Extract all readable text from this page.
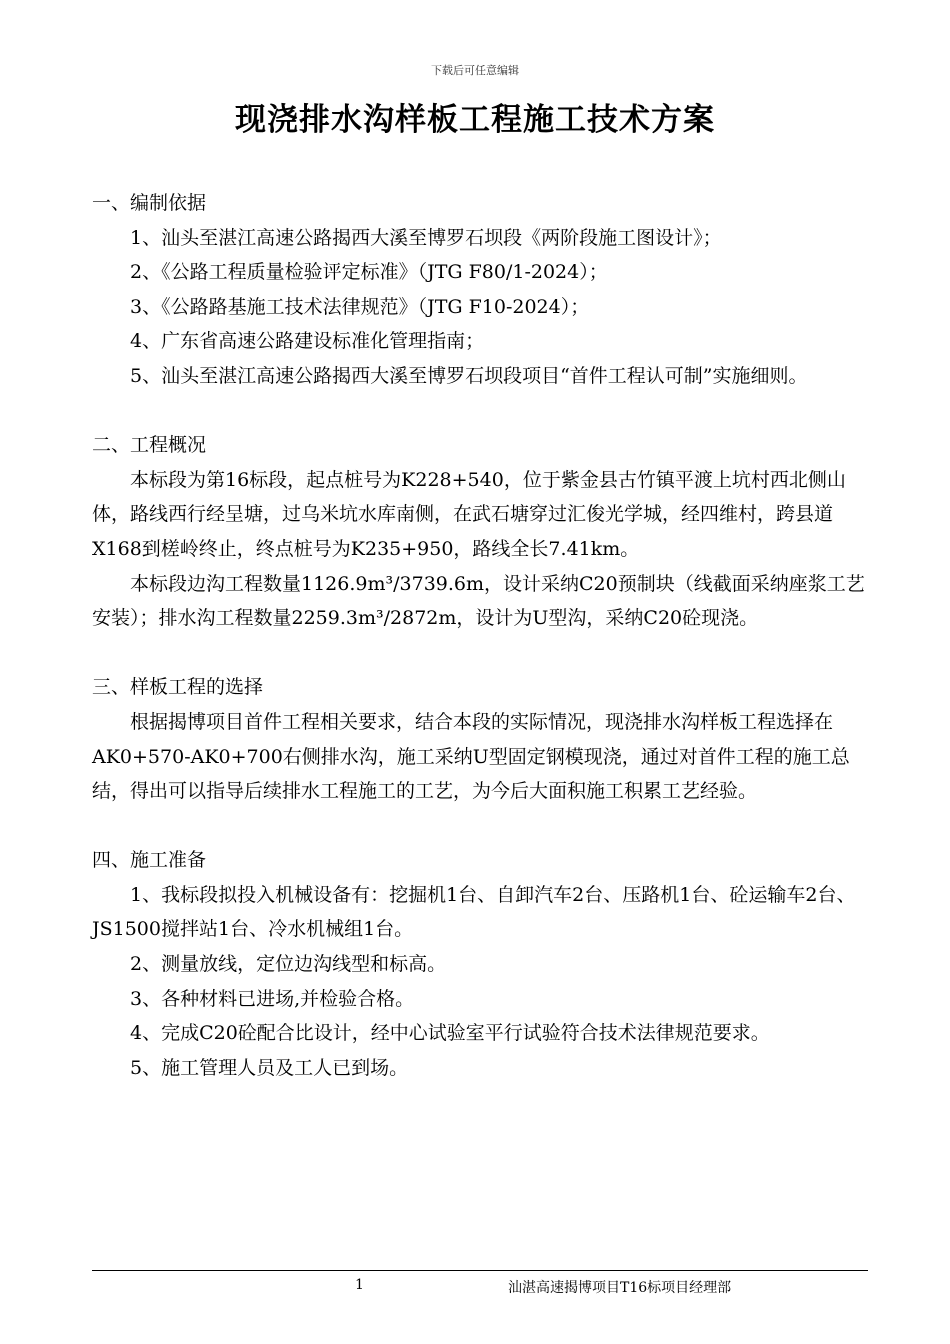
下载后可任意编辑
现浇排水沟样板工程施工技术方案

一、编制依据

1、汕头至湛江高速公路揭西大溪至博罗石坝段《两阶段施工图设计》；

2、《公路工程质量检验评定标准》（JTG F80/1-2024）；

3、《公路路基施工技术法律规范》（JTG F10-2024）；

4、广东省高速公路建设标准化管理指南；

5、汕头至湛江高速公路揭西大溪至博罗石坝段项目“首件工程认可制”实施细则。

二、工程概况

本标段为第16标段，起点桩号为K228+540，位于紫金县古竹镇平渡上坑村西北侧山体，路线西行经呈塘，过乌米坑水库南侧，在武石塘穿过汇俊光学城，经四维村，跨县道X168到槎岭终止，终点桩号为K235+950，路线全长7.41km。

本标段边沟工程数量1126.9m³/3739.6m，设计采纳C20预制块（线截面采纳座浆工艺安装）；排水沟工程数量2259.3m³/2872m，设计为U型沟，采纳C20砼现浇。

三、样板工程的选择

根据揭博项目首件工程相关要求，结合本段的实际情况，现浇排水沟样板工程选择在AK0+570-AK0+700右侧排水沟，施工采纳U型固定钢模现浇，通过对首件工程的施工总结，得出可以指导后续排水工程施工的工艺，为今后大面积施工积累工艺经验。

四、施工准备

1、我标段拟投入机械设备有：挖掘机1台、自卸汽车2台、压路机1台、砼运输车2台、JS1500搅拌站1台、冷水机械组1台。

2、测量放线，定位边沟线型和标高。

3、各种材料已进场,并检验合格。

4、完成C20砼配合比设计，经中心试验室平行试验符合技术法律规范要求。

5、施工管理人员及工人已到场。

1	汕湛高速揭博项目T16标项目经理部
